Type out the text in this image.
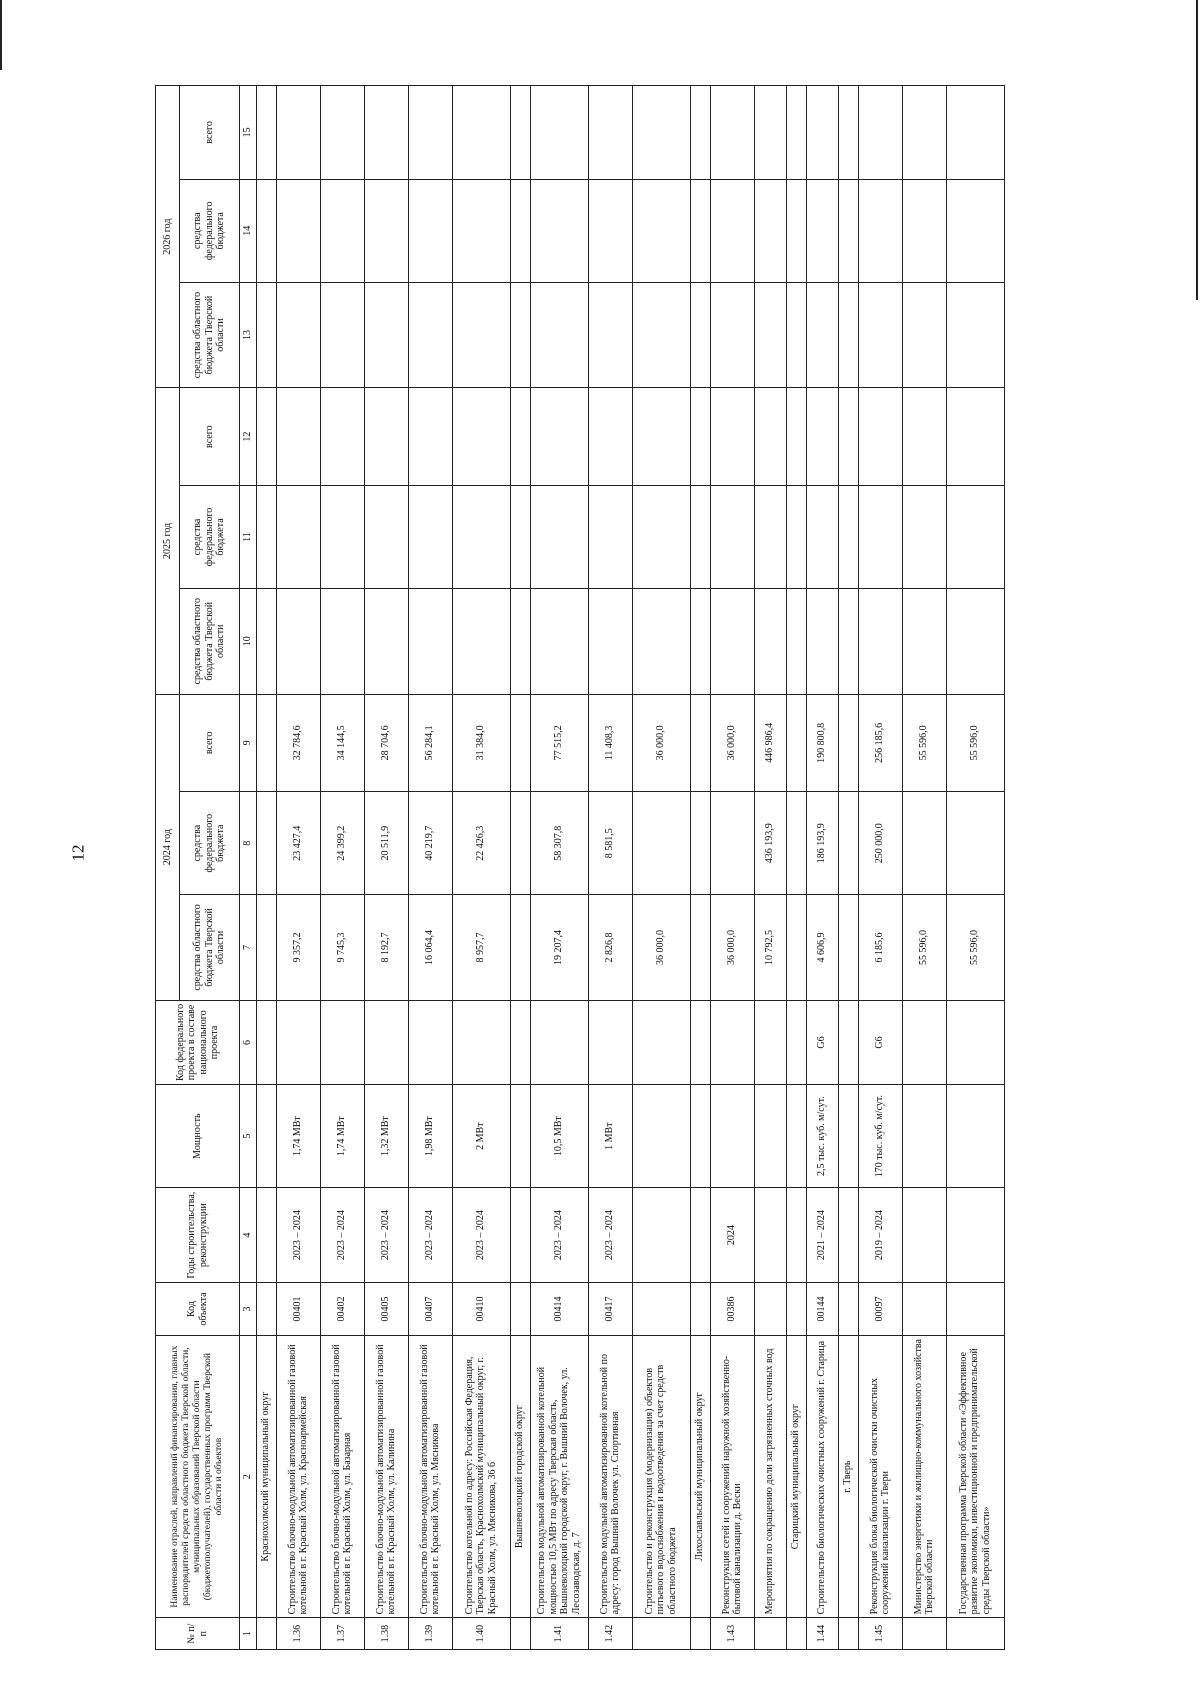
12
№ п/п	Наименование отраслей, направлений финансирования, главных распорядителей средств областного бюджета Тверской области, муниципальных образований Тверской области (бюджетополучателей), государственных программ Тверской области и объектов	Код объекта	Годы строительства, реконструкции	Мощность	Код федерального проекта в составе национального проекта	2024 год			2025 год			2026 год		
						средства областного бюджета Тверской области	средства федерального бюджета	всего	средства областного бюджета Тверской области	средства федерального бюджета	всего	средства областного бюджета Тверской области	средства федерального бюджета	всего
1	2	3	4	5	6	7	8	9	10	11	12	13	14	15
	Краснохолмский муниципальный округ													
1.36	Строительство блочно-модульной автоматизированной газовой котельной в г. Красный Холм, ул. Красноармейская	00401	2023 – 2024	1,74 МВт		9 357,2	23 427,4	32 784,6						
1.37	Строительство блочно-модульной автоматизированной газовой котельной в г. Красный Холм, ул. Базарная	00402	2023 – 2024	1,74 МВт		9 745,3	24 399,2	34 144,5						
1.38	Строительство блочно-модульной автоматизированной газовой котельной в г. Красный Холм, ул. Калинина	00405	2023 – 2024	1,32 МВт		8 192,7	20 511,9	28 704,6						
1.39	Строительство блочно-модульной автоматизированной газовой котельной в г. Красный Холм, ул. Мясникова	00407	2023 – 2024	1,98 МВт		16 064,4	40 219,7	56 284,1						
1.40	Строительство котельной по адресу: Российская Федерация, Тверская область, Краснохолмский муниципальный округ, г. Красный Холм, ул. Мясникова, 36 б	00410	2023 – 2024	2 МВт		8 957,7	22 426,3	31 384,0						
	Вышневолоцкий городской округ													
1.41	Строительство модульной автоматизированной котельной мощностью 10,5 МВт по адресу Тверская область, Вышневолоцкий городской округ, г. Вышний Волочек, ул. Лесозаводская, д. 7	00414	2023 – 2024	10,5 МВт		19 207,4	58 307,8	77 515,2						
1.42	Строительство модульной автоматизированной котельной по адресу: город Вышний Волочек ул. Спортивная	00417	2023 – 2024	1 МВт		2 826,8	8 581,5	11 408,3						
	Строительство и реконструкция (модернизация) объектов питьевого водоснабжения и водоотведения за счет средств областного бюджета					36 000,0		36 000,0						
	Лихославльский муниципальный округ													
1.43	Реконструкция сетей и сооружений наружной хозяйственно-бытовой канализации д. Вески	00386	2024			36 000,0		36 000,0						
	Мероприятия по сокращению доли загрязненных сточных вод					10 792,5	436 193,9	446 986,4						
	Старицкий муниципальный округ													
1.44	Строительство биологических очистных сооружений г. Старица	00144	2021 – 2024	2,5 тыс. куб. м/сут.	G6	4 606,9	186 193,9	190 800,8						
	г. Тверь													
1.45	Реконструкция блока биологической очистки очистных сооружений канализации г. Твери	00097	2019 – 2024	170 тыс. куб. м/сут.	G6	6 185,6	250 000,0	256 185,6						
	Министерство энергетики и жилищно-коммунального хозяйства Тверской области					55 596,0		55 596,0						
	Государственная программа Тверской области «Эффективное развитие экономики, инвестиционной и предпринимательской среды Тверской области»					55 596,0		55 596,0						
